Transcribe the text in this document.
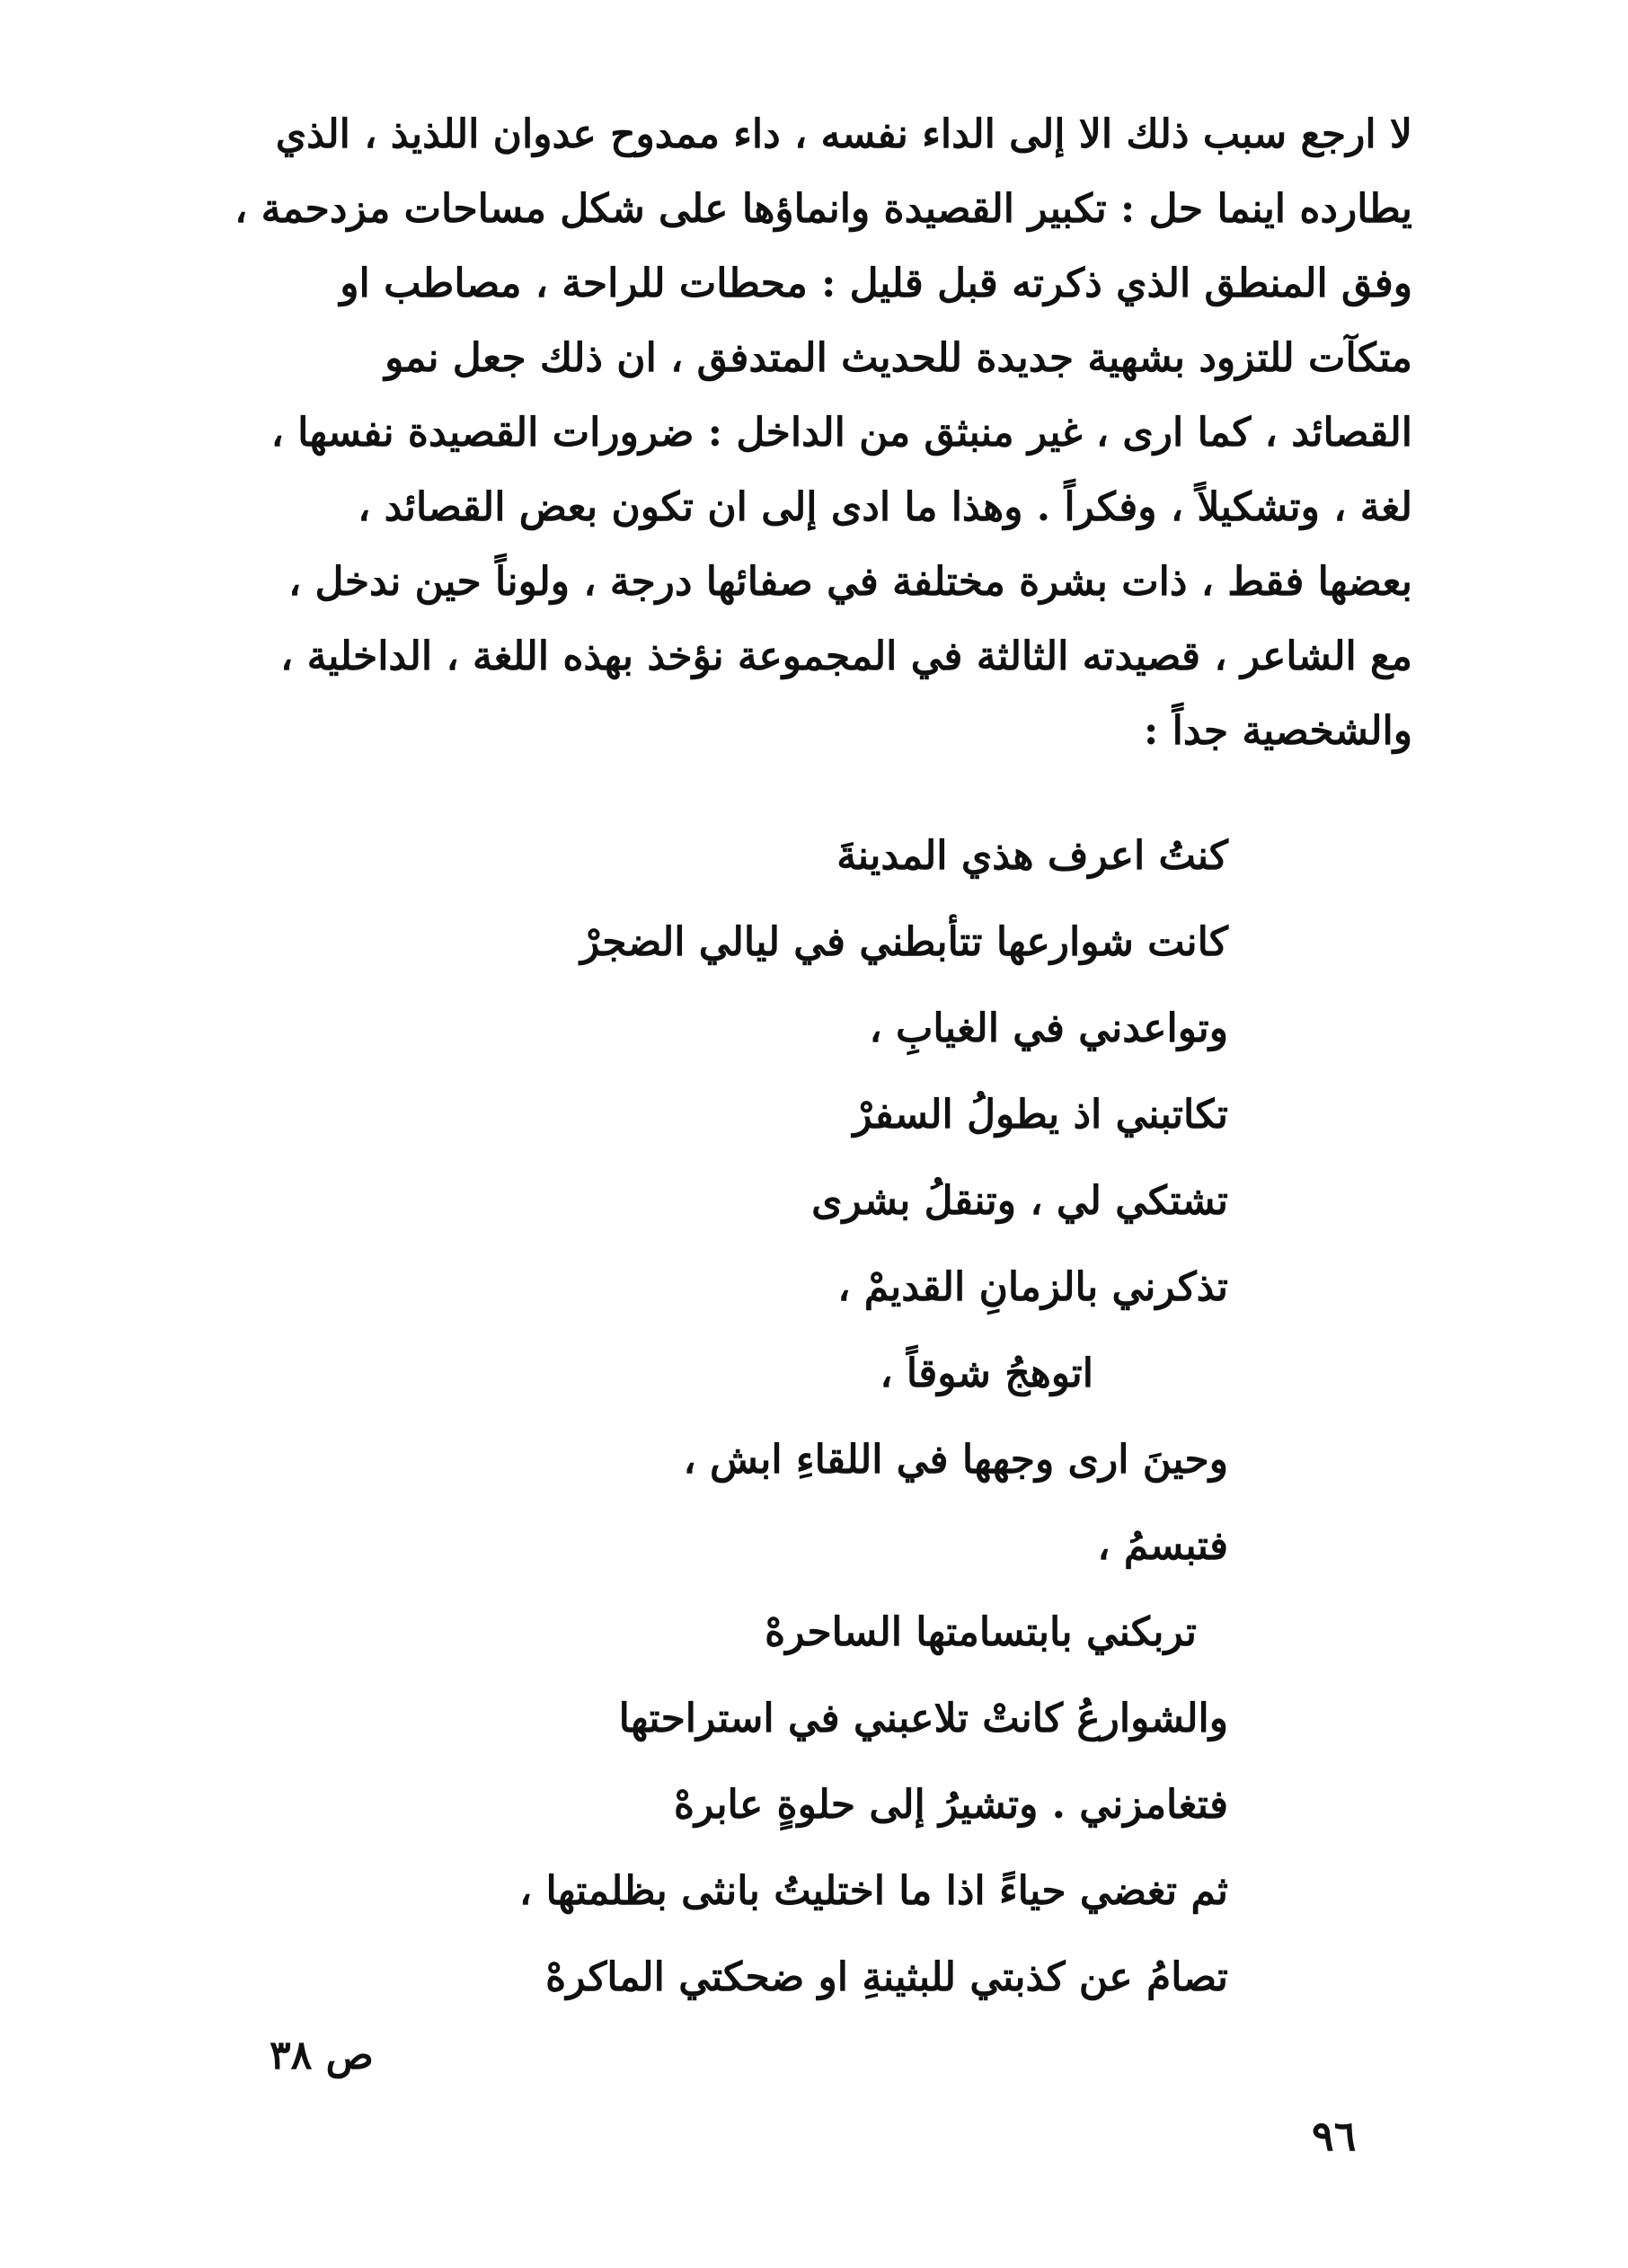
لا ارجع سبب ذلك الا إلى الداء نفسه ، داء ممدوح عدوان اللذيذ ، الذي
يطارده اينما حل : تكبير القصيدة وانماؤها على شكل مساحات مزدحمة ،
وفق المنطق الذي ذكرته قبل قليل : محطات للراحة ، مصاطب او
متكآت للتزود بشهية جديدة للحديث المتدفق ، ان ذلك جعل نمو
القصائد ، كما ارى ، غير منبثق من الداخل : ضرورات القصيدة نفسها ،
لغة ، وتشكيلاً ، وفكراً . وهذا ما ادى إلى ان تكون بعض القصائد ،
بعضها فقط ، ذات بشرة مختلفة في صفائها درجة ، ولوناً حين ندخل ،
مع الشاعر ، قصيدته الثالثة في المجموعة نؤخذ بهذه اللغة ، الداخلية ،
والشخصية جداً :
كنتُ اعرف هذي المدينةَ
كانت شوارعها تتأبطني في ليالي الضجرْ
وتواعدني في الغيابِ ،
تكاتبني اذ يطولُ السفرْ
تشتكي لي ، وتنقلُ بشرى
تذكرني بالزمانِ القديمْ ،
اتوهجُ شوقاً ،
وحينَ ارى وجهها في اللقاءِ ابش ،
فتبسمُ ،
تربكني بابتسامتها الساحرهْ
والشوارعُ كانتْ تلاعبني في استراحتها
فتغامزني . وتشيرُ إلى حلوةٍ عابرهْ
ثم تغضي حياءً اذا ما اختليتُ بانثى بظلمتها ،
تصامُ عن كذبتي للبثينةِ او ضحكتي الماكرهْ
ص ٣٨
٩٦
